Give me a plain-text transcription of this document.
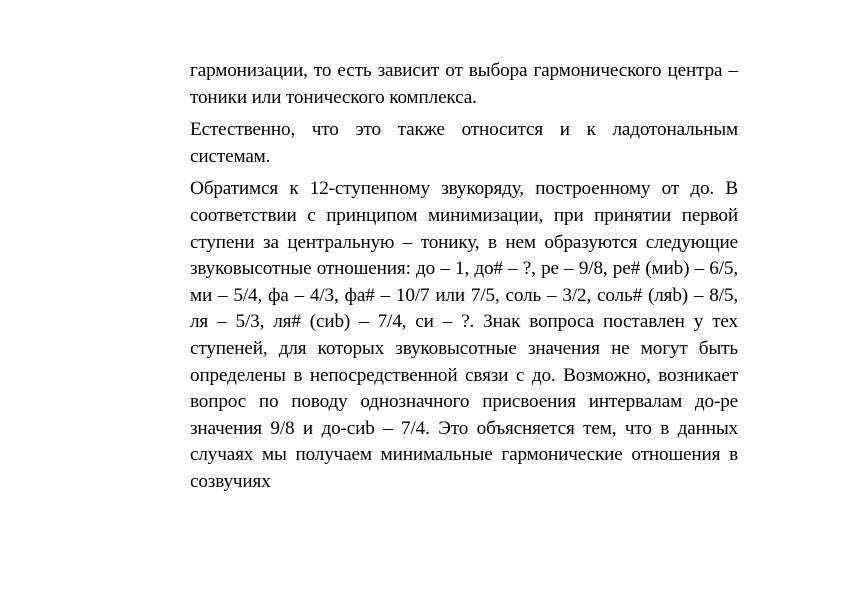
гармонизации, то есть зависит от выбора гармонического центра – тоники или тонического комплекса.

Естественно, что это также относится и к ладотональным системам.

Обратимся к 12-ступенному звукоряду, построенному от до. В соответствии с принципом минимизации, при принятии первой ступени за центральную – тонику, в нем образуются следующие звуковысотные отношения: до – 1, до# – ?, ре – 9/8, ре# (миb) – 6/5, ми – 5/4, фа – 4/3, фа# – 10/7 или 7/5, соль – 3/2, соль# (ляb) – 8/5, ля – 5/3, ля# (сиb) – 7/4, си – ?. Знак вопроса поставлен у тех ступеней, для которых звуковысотные значения не могут быть определены в непосредственной связи с до. Возможно, возникает вопрос по поводу однозначного присвоения интервалам до-ре значения 9/8 и до-сиb – 7/4. Это объясняется тем, что в данных случаях мы получаем минимальные гармонические отношения в созвучиях
